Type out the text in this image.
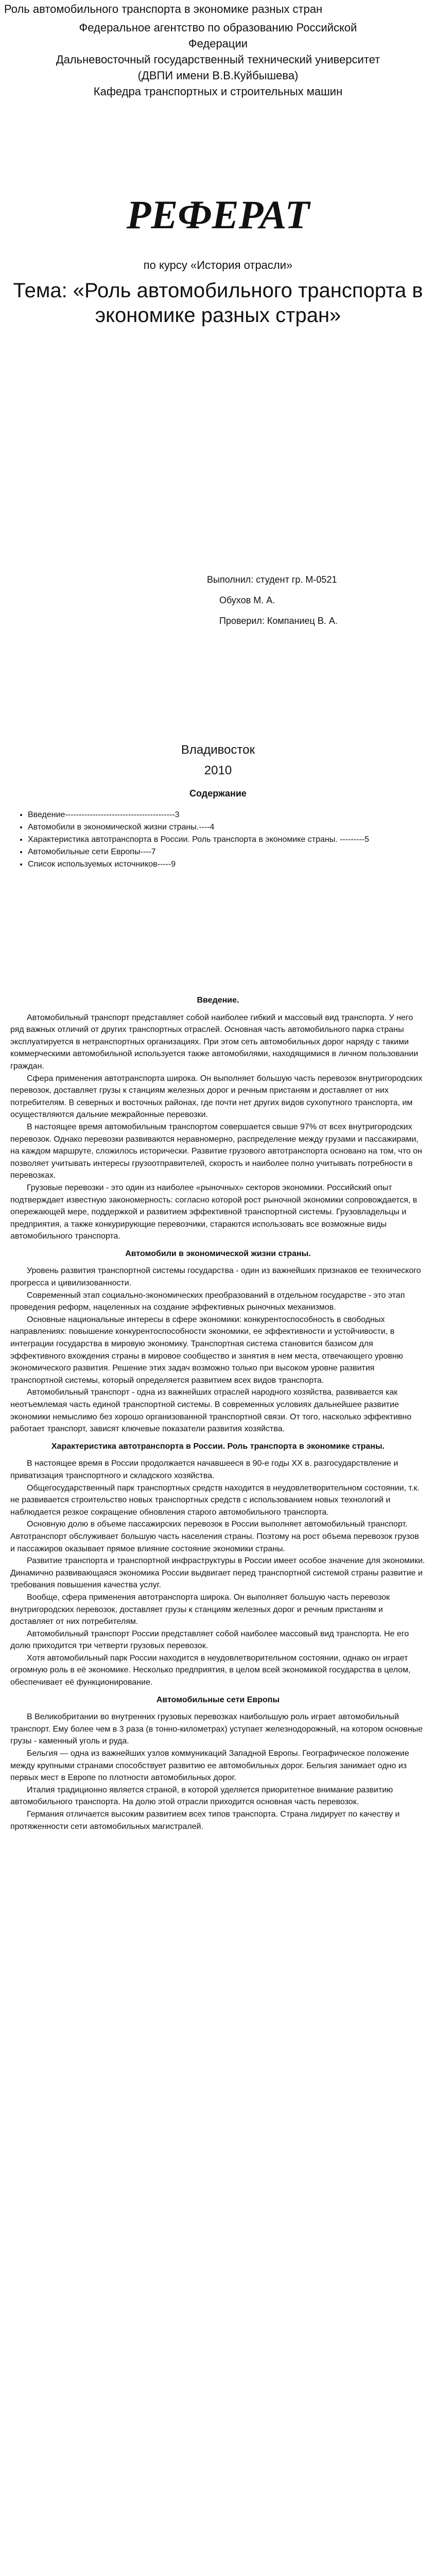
Роль автомобильного транспорта в экономике разных стран
Федеральное агентство по образованию Российской
Федерации
Дальневосточный государственный технический университет
(ДВПИ имени В.В.Куйбышева)
Кафедра транспортных и строительных машин
РЕФЕРАТ
по курсу «История отрасли»
Тема: «Роль автомобильного транспорта в
экономике разных стран»
Выполнил: студент гр. М-0521
Обухов М. А.
Проверил: Компаниец В. А.
Владивосток
2010
Содержание
• Введение----------------------------------------3
• Автомобили в экономической жизни страны.----4
• Характеристика автотранспорта в России. Роль транспорта в экономике страны. ---------5
• Автомобильные сети Европы----7
• Список используемых источников-----9

Введение.

Автомобильный транспорт представляет собой наиболее гибкий и массовый вид транспорта. У него ряд важных отличий от других транспортных отраслей. Основная часть автомобильного парка страны эксплуатируется в нетранспортных организациях. При этом сеть автомобильных дорог наряду с такими коммерческими автомобильной используется также автомобилями, находящимися в личном пользовании граждан.

Сфера применения автотранспорта широка. Он выполняет большую часть перевозок внутригородских перевозок, доставляет грузы к станциям железных дорог и речным пристаням и доставляет от них потребителям. В северных и восточных районах, где почти нет других видов сухопутного транспорта, им осуществляются дальние межрайонные перевозки.

В настоящее время автомобильным транспортом совершается свыше 97% от всех внутригородских перевозок. Однако перевозки развиваются неравномерно, распределение между грузами и пассажирами, на каждом маршруте, сложилось исторически. Развитие грузового автотранспорта основано на том, что он позволяет учитывать интересы грузоотправителей, скорость и наиболее полно учитывать потребности в перевозках.

Грузовые перевозки - это один из наиболее «рыночных» секторов экономики. Российский опыт подтверждает известную закономерность: согласно которой рост рыночной экономики сопровождается, в опережающей мере, поддержкой и развитием эффективной транспортной системы. Грузовладельцы и предприятия, а также конкурирующие перевозчики, стараются использовать все возможные виды автомобильного транспорта.

Автомобили в экономической жизни страны.

Уровень развития транспортной системы государства - один из важнейших признаков ее технического прогресса и цивилизованности.

Современный этап социально-экономических преобразований в отдельном государстве - это этап проведения реформ, нацеленных на создание эффективных рыночных механизмов.

Основные национальные интересы в сфере экономики: конкурентоспособность в свободных направлениях: повышение конкурентоспособности экономики, ее эффективности и устойчивости, в интеграции государства в мировую экономику. Транспортная система становится базисом для эффективного вхождения страны в мировое сообщество и занятия в нем места, отвечающего уровню экономического развития. Решение этих задач возможно только при высоком уровне развития транспортной системы, который определяется развитием всех видов транспорта.

Автомобильный транспорт - одна из важнейших отраслей народного хозяйства, развивается как неотъемлемая часть единой транспортной системы. В современных условиях дальнейшее развитие экономики немыслимо без хорошо организованной транспортной связи. От того, насколько эффективно работает транспорт, зависят ключевые показатели развития хозяйства.

Характеристика автотранспорта в России. Роль транспорта в экономике страны.

В настоящее время в России продолжается начавшееся в 90-е годы XX в. разгосударствление и приватизация транспортного и складского хозяйства.

Общегосударственный парк транспортных средств находится в неудовлетворительном состоянии, т.к. не развивается строительство новых транспортных средств с использованием новых технологий и наблюдается резкое сокращение обновления старого автомобильного транспорта.

Основную долю в объеме пассажирских перевозок в России выполняет автомобильный транспорт. Автотранспорт обслуживает большую часть населения страны. Поэтому на рост объема перевозок грузов и пассажиров оказывает прямое влияние состояние экономики страны.

Развитие транспорта и транспортной инфраструктуры в России имеет особое значение для экономики. Динамично развивающаяся экономика России выдвигает перед транспортной системой страны развитие и требования повышения качества услуг.

Вообще, сфера применения автотранспорта широка. Он выполняет большую часть перевозок внутригородских перевозок, доставляет грузы к станциям железных дорог и речным пристаням и доставляет от них потребителям.

Автомобильный транспорт России представляет собой наиболее массовый вид транспорта. Не его долю приходится три четверти грузовых перевозок.

Хотя автомобильный парк России находится в неудовлетворительном состоянии, однако он играет огромную роль в её экономике. Несколько предприятия, в целом всей экономикой государства в целом, обеспечивает её функционирование.

Автомобильные сети Европы

В Великобритании во внутренних грузовых перевозках наибольшую роль играет автомобильный транспорт. Ему более чем в 3 раза (в тонно-километрах) уступает железнодорожный, на котором основные грузы - каменный уголь и руда.

Бельгия — одна из важнейших узлов коммуникаций Западной Европы. Географическое положение между крупными странами способствует развитию ее автомобильных дорог. Бельгия занимает одно из первых мест в Европе по плотности автомобильных дорог.

Италия традиционно является страной, в которой уделяется приоритетное внимание развитию автомобильного транспорта. На долю этой отрасли приходится основная часть перевозок.

Германия отличается высоким развитием всех типов транспорта. Страна лидирует по качеству и протяженности сети автомобильных магистралей.
